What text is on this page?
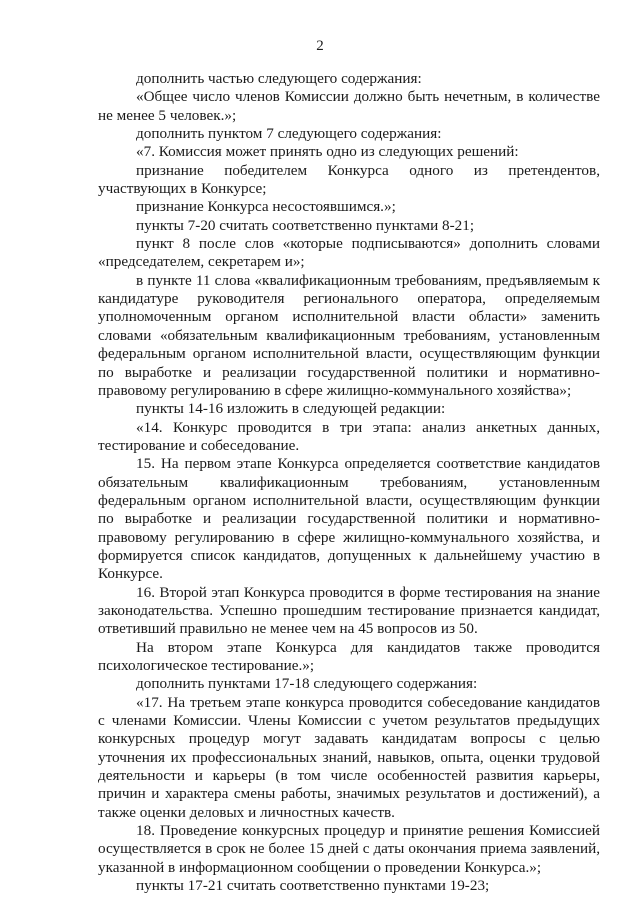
2

дополнить частью следующего содержания:

«Общее число членов Комиссии должно быть нечетным, в количестве не менее 5 человек.»;

дополнить пунктом 7 следующего содержания:

«7. Комиссия может принять одно из следующих решений:

признание победителем Конкурса одного из претендентов, участвующих в Конкурсе;

признание Конкурса несостоявшимся.»;

пункты 7-20 считать соответственно пунктами 8-21;

пункт 8 после слов «которые подписываются» дополнить словами «председателем, секретарем и»;

в пункте 11 слова «квалификационным требованиям, предъявляемым к кандидатуре руководителя регионального оператора, определяемым уполномоченным органом исполнительной власти области» заменить словами «обязательным квалификационным требованиям, установленным федеральным органом исполнительной власти, осуществляющим функции по выработке и реализации государственной политики и нормативно-правовому регулированию в сфере жилищно-коммунального хозяйства»;

пункты 14-16 изложить в следующей редакции:

«14. Конкурс проводится в три этапа: анализ анкетных данных, тестирование и собеседование.

15. На первом этапе Конкурса определяется соответствие кандидатов обязательным квалификационным требованиям, установленным федеральным органом исполнительной власти, осуществляющим функции по выработке и реализации государственной политики и нормативно-правовому регулированию в сфере жилищно-коммунального хозяйства, и формируется список кандидатов, допущенных к дальнейшему участию в Конкурсе.

16. Второй этап Конкурса проводится в форме тестирования на знание законодательства. Успешно прошедшим тестирование признается кандидат, ответивший правильно не менее чем на 45 вопросов из 50.

На втором этапе Конкурса для кандидатов также проводится психологическое тестирование.»;

дополнить пунктами 17-18 следующего содержания:

«17. На третьем этапе конкурса проводится собеседование кандидатов с членами Комиссии. Члены Комиссии с учетом результатов предыдущих конкурсных процедур могут задавать кандидатам вопросы с целью уточнения их профессиональных знаний, навыков, опыта, оценки трудовой деятельности и карьеры (в том числе особенностей развития карьеры, причин и характера смены работы, значимых результатов и достижений), а также оценки деловых и личностных качеств.

18. Проведение конкурсных процедур и принятие решения Комиссией осуществляется в срок не более 15 дней с даты окончания приема заявлений, указанной в информационном сообщении о проведении Конкурса.»;

пункты 17-21 считать соответственно пунктами 19-23;
